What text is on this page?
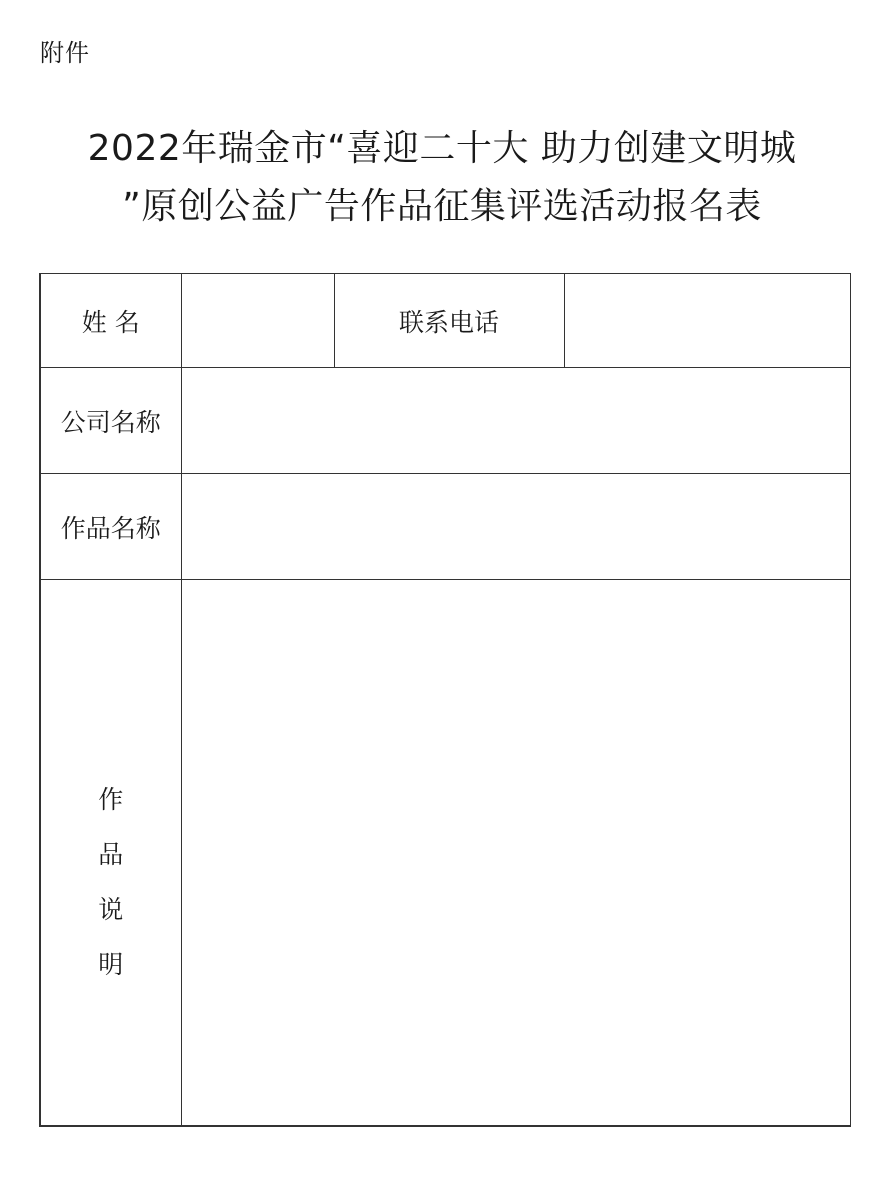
附件
2022年瑞金市“喜迎二十大 助力创建文明城
”原创公益广告作品征集评选活动报名表
姓 名		联系电话	

公司名称			

作品名称			

作品说明			
